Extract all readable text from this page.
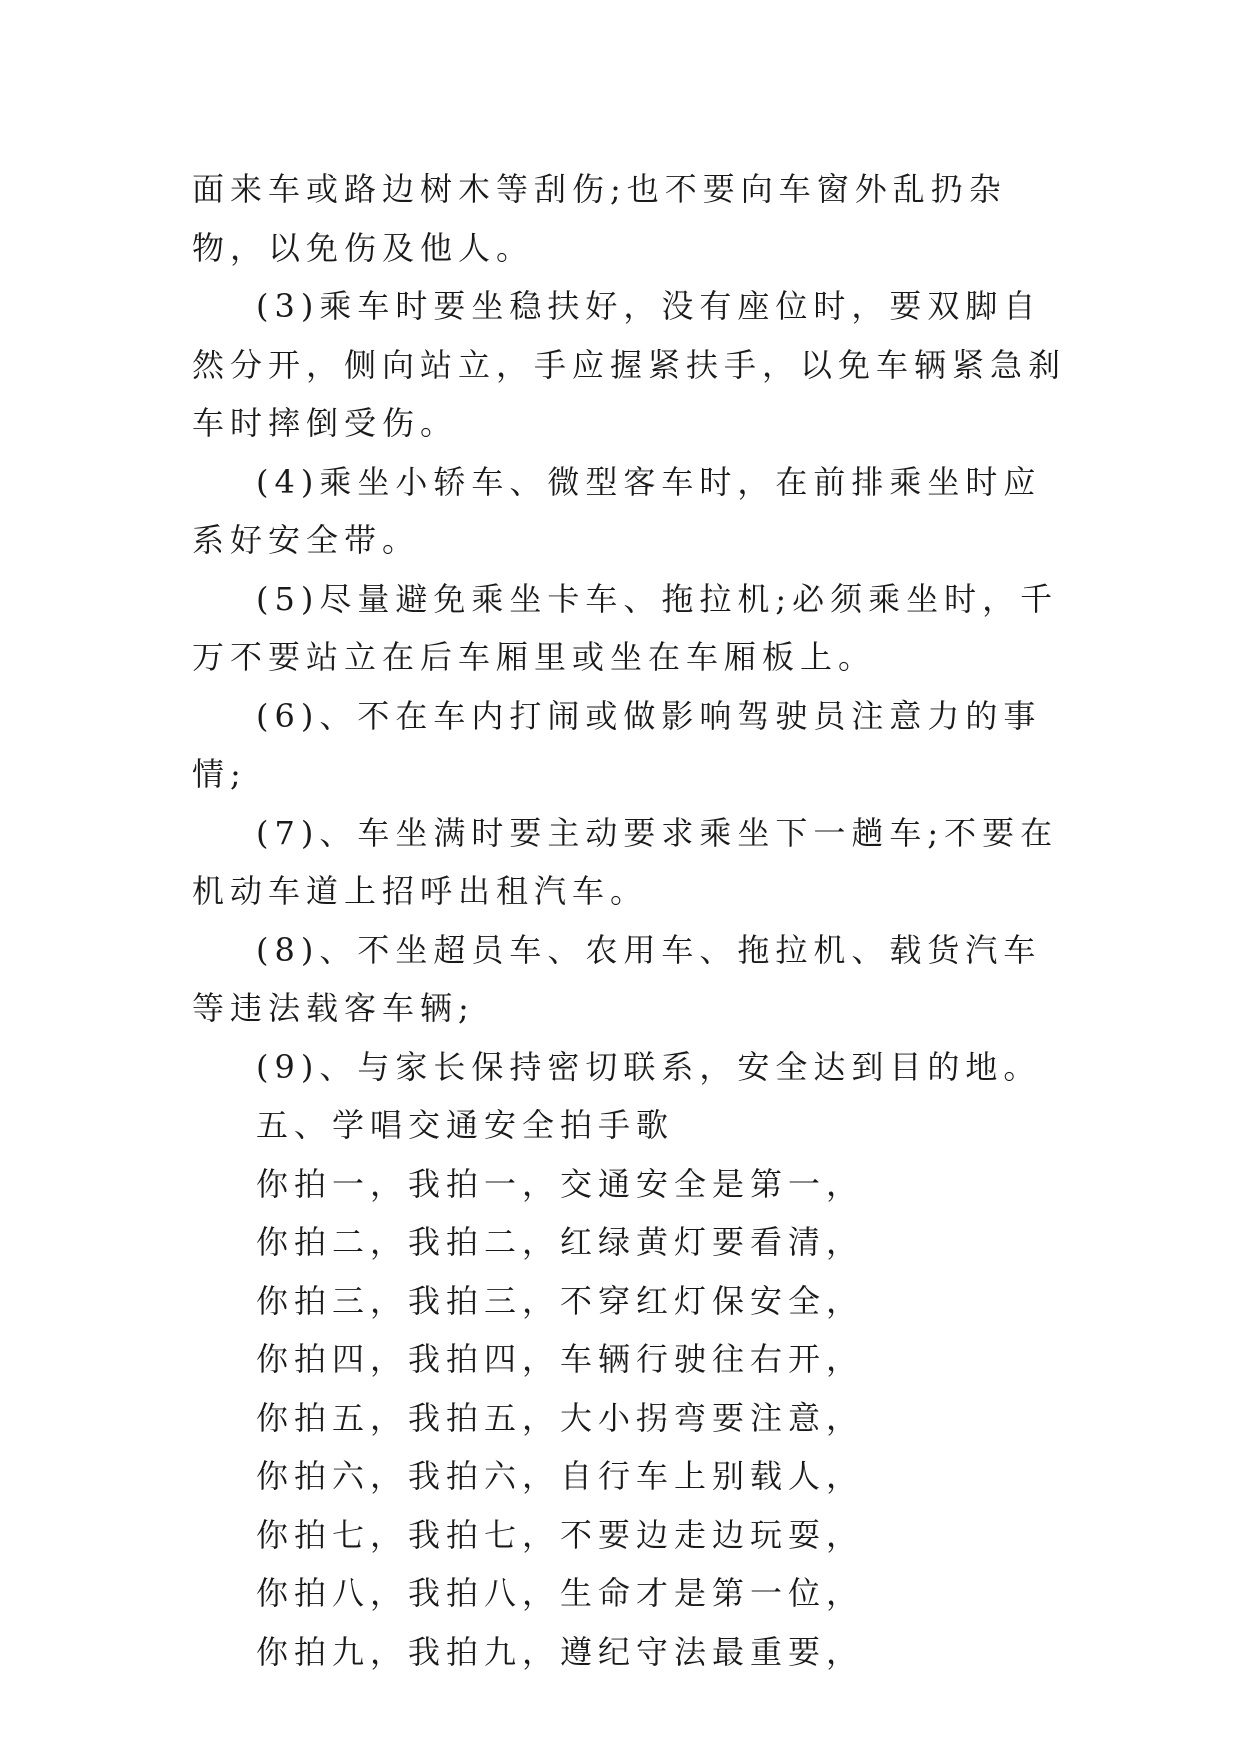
面来车或路边树木等刮伤;也不要向车窗外乱扔杂物，以免伤及他人。

(3)乘车时要坐稳扶好，没有座位时，要双脚自然分开，侧向站立，手应握紧扶手，以免车辆紧急刹车时摔倒受伤。

(4)乘坐小轿车、微型客车时，在前排乘坐时应系好安全带。

(5)尽量避免乘坐卡车、拖拉机;必须乘坐时，千万不要站立在后车厢里或坐在车厢板上。

(6)、不在车内打闹或做影响驾驶员注意力的事情;

(7)、车坐满时要主动要求乘坐下一趟车;不要在机动车道上招呼出租汽车。

(8)、不坐超员车、农用车、拖拉机、载货汽车等违法载客车辆;

(9)、与家长保持密切联系，安全达到目的地。

五、学唱交通安全拍手歌

你拍一，我拍一，交通安全是第一，

你拍二，我拍二，红绿黄灯要看清，

你拍三，我拍三，不穿红灯保安全，

你拍四，我拍四，车辆行驶往右开，

你拍五，我拍五，大小拐弯要注意，

你拍六，我拍六，自行车上别载人，

你拍七，我拍七，不要边走边玩耍，

你拍八，我拍八，生命才是第一位，

你拍九，我拍九，遵纪守法最重要，
